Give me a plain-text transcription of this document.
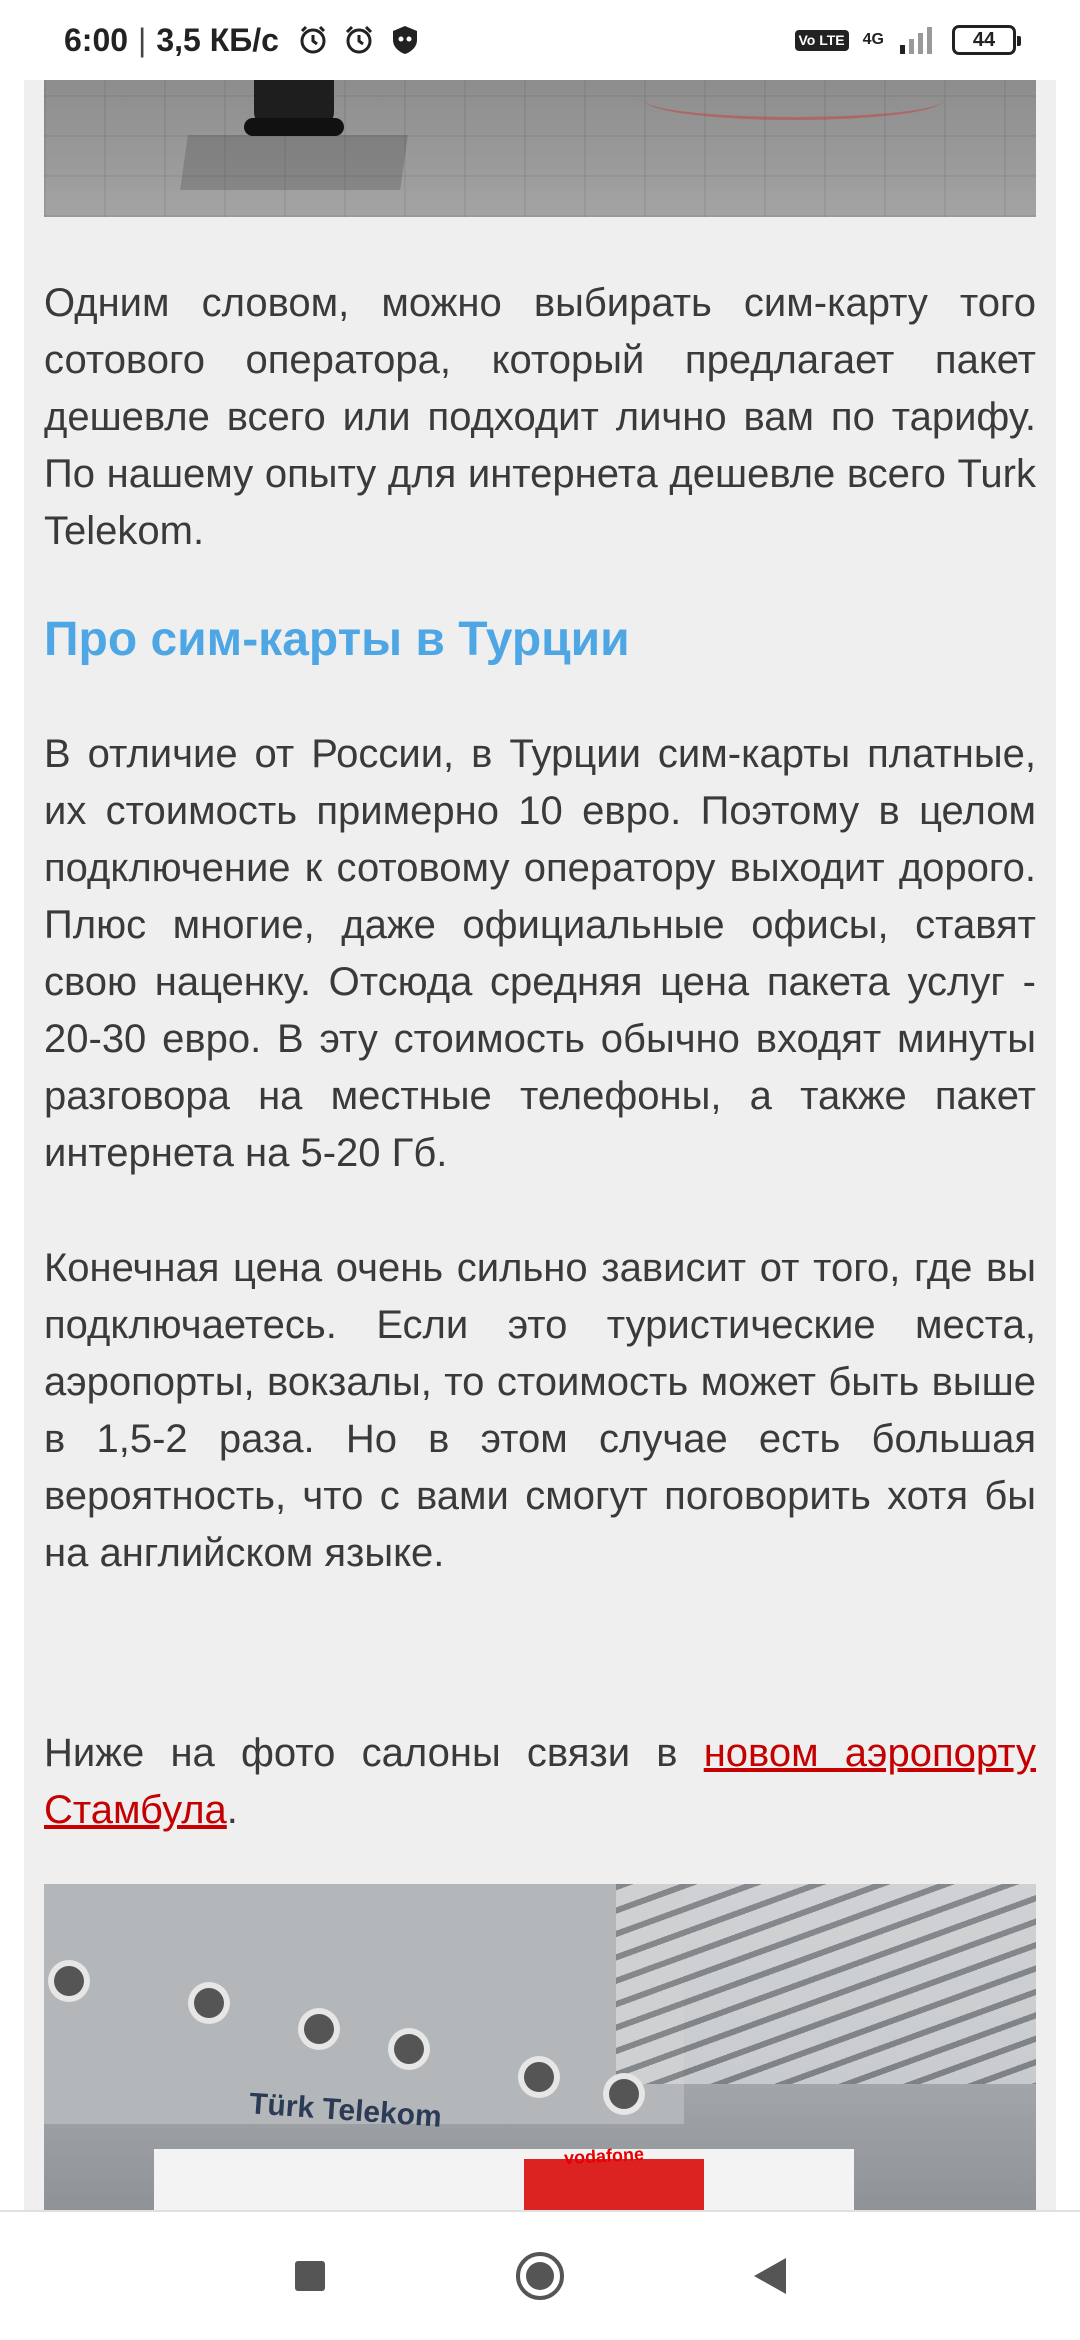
6:00 | 3,5 КБ/с	Vo LTE 4G	44

Одним словом, можно выбирать сим-карту того сотового оператора, который предлагает пакет дешевле всего или подходит лично вам по тарифу. По нашему опыту для интернета дешевле всего Turk Telekom.

Про сим-карты в Турции

В отличие от России, в Турции сим-карты платные, их стоимость примерно 10 евро. Поэтому в целом подключение к сотовому оператору выходит дорого. Плюс многие, даже официальные офисы, ставят свою наценку. Отсюда средняя цена пакета услуг - 20-30 евро. В эту стоимость обычно входят минуты разговора на местные телефоны, а также пакет интернета на 5-20 Гб.

Конечная цена очень сильно зависит от того, где вы подключаетесь. Если это туристические места, аэропорты, вокзалы, то стоимость может быть выше в 1,5-2 раза. Но в этом случае есть большая вероятность, что с вами смогут поговорить хотя бы на английском языке.

Ниже на фото салоны связи в новом аэропорту Стамбула.

Türk Telekom
vodafone
